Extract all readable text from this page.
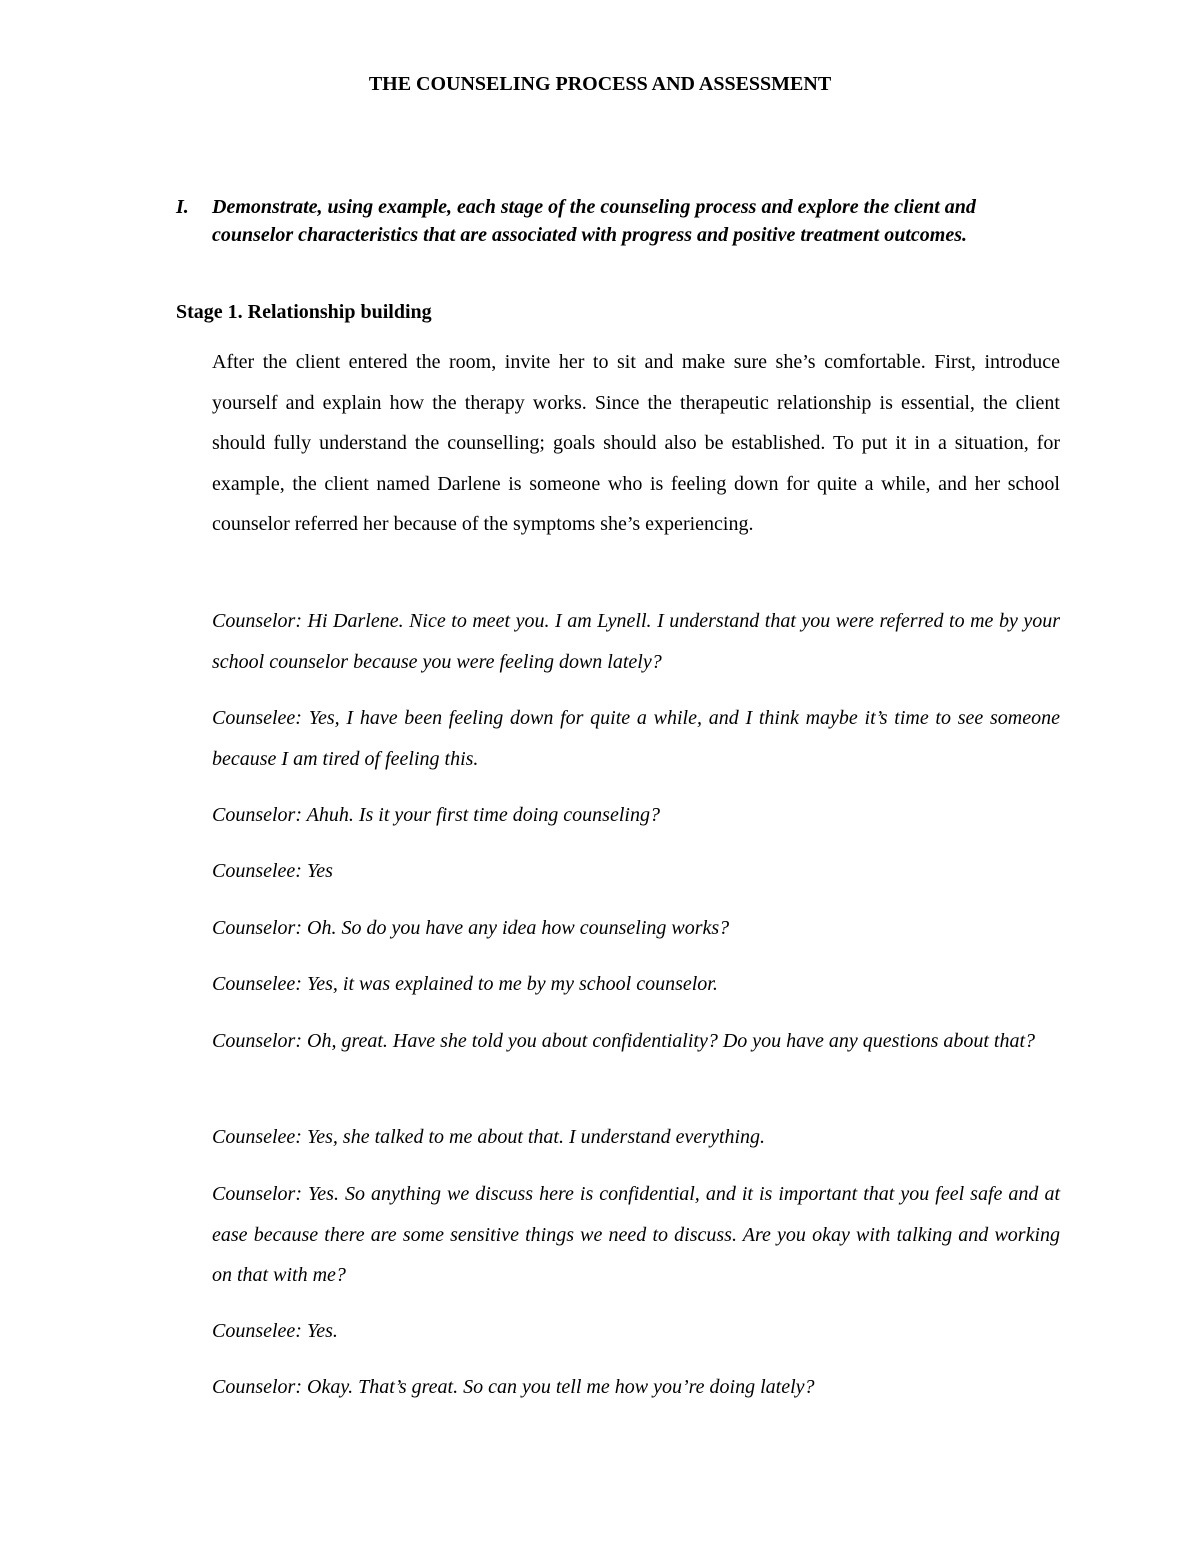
THE COUNSELING PROCESS AND ASSESSMENT
I. Demonstrate, using example, each stage of the counseling process and explore the client and counselor characteristics that are associated with progress and positive treatment outcomes.
Stage 1. Relationship building
After the client entered the room, invite her to sit and make sure she’s comfortable. First, introduce yourself and explain how the therapy works. Since the therapeutic relationship is essential, the client should fully understand the counselling; goals should also be established. To put it in a situation, for example, the client named Darlene is someone who is feeling down for quite a while, and her school counselor referred her because of the symptoms she’s experiencing.
Counselor: Hi Darlene. Nice to meet you. I am Lynell. I understand that you were referred to me by your school counselor because you were feeling down lately?
Counselee: Yes, I have been feeling down for quite a while, and I think maybe it’s time to see someone because I am tired of feeling this.
Counselor: Ahuh. Is it your first time doing counseling?
Counselee: Yes
Counselor: Oh. So do you have any idea how counseling works?
Counselee: Yes, it was explained to me by my school counselor.
Counselor: Oh, great. Have she told you about confidentiality? Do you have any questions about that?
Counselee: Yes, she talked to me about that. I understand everything.
Counselor: Yes. So anything we discuss here is confidential, and it is important that you feel safe and at ease because there are some sensitive things we need to discuss. Are you okay with talking and working on that with me?
Counselee: Yes.
Counselor: Okay. That’s great. So can you tell me how you’re doing lately?
